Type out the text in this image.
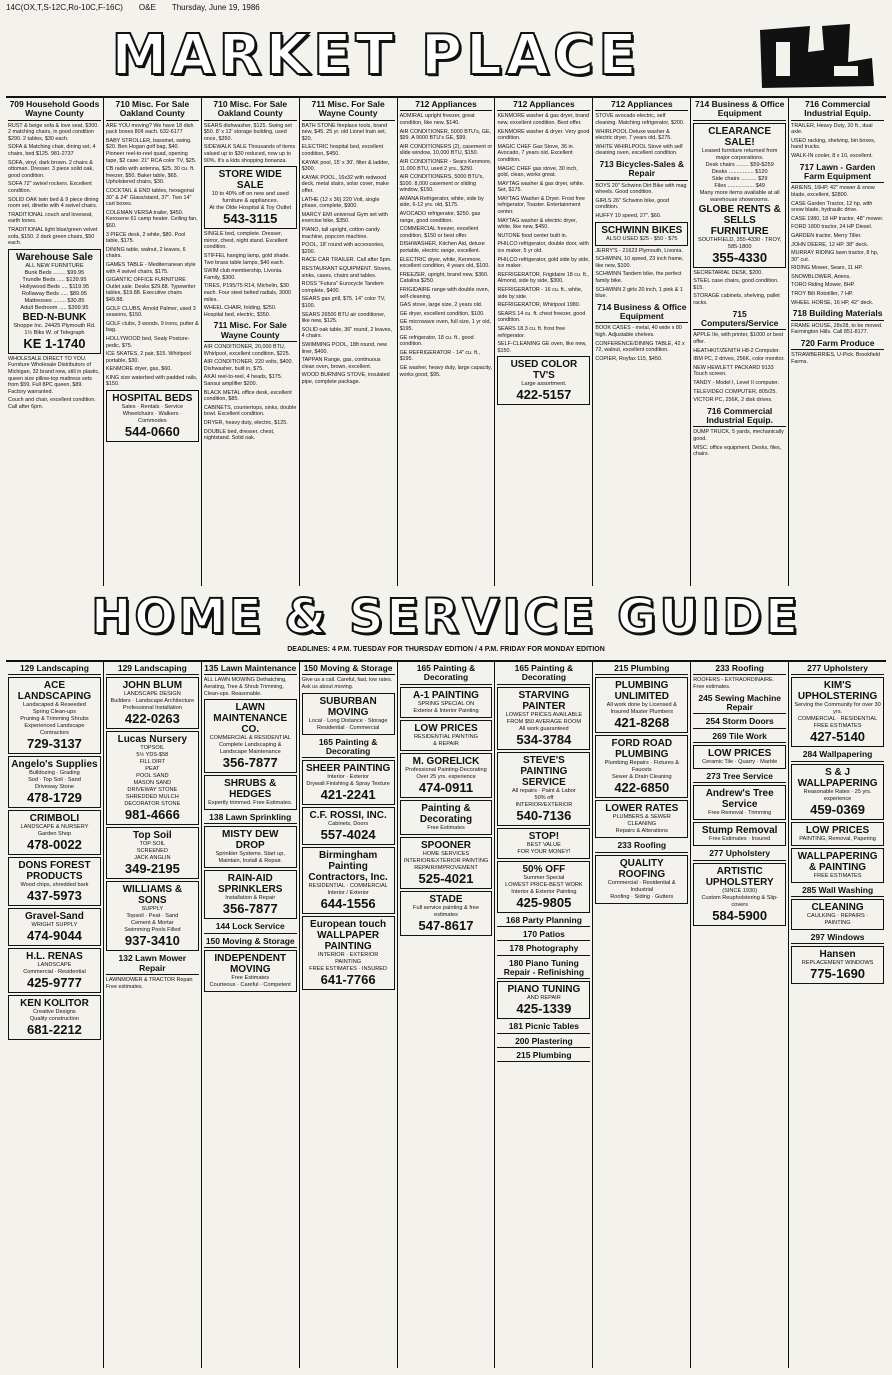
14C(OX,T,S-12C,Ro-10C,F-16C) O&E Thursday, June 19, 1986
MARKET PLACE
709 Household Goods Wayne County
RUST & beige sofa & love seat, $300. 2 matching chairs, in good condition $290. 2 tables, $30 each.
SOFA & Matching chair, dining set, 4 chairs, bed $125. 981-2737
SOFA, vinyl, dark brown. 2 chairs & ottoman. Dresser. 3 piece solid oak, good condition.
SOFA 72" swivel rockers. Excellent condition.
SOLID OAK twin bed & 9 piece dining room set, dinette with 4 swivel chairs.
TRADITIONAL couch and loveseat, earth tones.
TRADITIONAL light blue/green velvet sofa, $150. 2 dark green chairs, $50 each.
Warehouse Sale
ALL NEW FURNITURE
Bunk Beds ........ $99.95
Trundle Beds ..... $139.95
Hollywood Beds .... $119.95
Rollaway Beds ..... $89.95
Mattresses ........ $30.85
Adult Bedroom ..... $399.95
BED-N-BUNK
Shoppe Inc. 24425 Plymouth Rd. 1½ Blks W. of Telegraph
KE 1-1740
WHOLESALE DIRECT TO YOU. Furniture Wholesale Distributors of Michigan, 32 brand new, still in plastic, queen size pillow-top mattress sets from $59. Full 8PC queen, $89. Factory warranted.
Couch and chair, excellent condition. Call after 6pm.
710 Misc. For Sale Oakland County
ARE YOU moving? We have 18 dish pack boxes 80¢ each. 632-6177
BABY STROLLER, bassinet, swing. $20. Ben Hogan golf bag, $40. Pioneer reel-to-reel quad, opening tape, $2 case. 21" RCA color TV, $25.
CB radio with antenna, $25. 30 cu. ft. freezer, $50. Baker table, $65. Upholstered chairs, $30.
COCKTAIL & END tables, hexagonal 30" & 24" Glass/stand, 37". Two 14" cart boxes.
COLEMAN VERSA trailer, $450. Kerosene 61 camp heater. Ceiling fan, $60.
3 PIECE desk, 2 white, $80. Pool table, $175.
DINING table, walnut, 2 leaves, 6 chairs.
GAMES TABLE - Mediterranean style with 4 swivel chairs, $175.
GIGANTIC OFFICE FURNITURE Outlet sale. Desks $29.88. Typewriter tables, $19.88. Executive chairs $49.88.
GOLF CLUBS, Arnold Palmer, used 3 seasons, $150.
GOLF clubs, 3 woods, 9 irons, putter & bag.
HOLLYWOOD bed, Sealy Posture-pedic, $75.
ICE SKATES, 2 pair, $15. Whirlpool portable, $30.
KENMORE dryer, gas, $60.
KING size waterbed with padded rails, $150.
HOSPITAL BEDS
Sales · Rentals · Service
Wheelchairs · Walkers · Commodes
544-0660
710 Misc. For Sale Oakland County
SEARS dishwasher, $125. Swing set $50. 8' x 12' storage building, used once, $350.
SIDEWALK SALE Thousands of items valued up to $30 reduced, now up to 90%. It's a kids shopping bonanza.
STORE WIDE SALE
10 to 40% off on new and used furniture & appliances.
At the Olde Hospital & Toy Outlet
543-3115
SINGLE bed, complete. Dresser, mirror, chest, night stand. Excellent condition.
STIFFEL hanging lamp, gold shade. Two brass table lamps, $40 each.
SWIM club membership, Livonia. Family, $300.
TIRES, P195/75 R14, Michelin, $30 each. Four steel belted radials, 3000 miles.
WHEEL CHAIR, folding, $250. Hospital bed, electric, $350.
711 Misc. For Sale Wayne County
AIR CONDITIONER, 20,000 BTU, Whirlpool, excellent condition, $225.
AIR CONDITIONER, 220 volts, $400. Dishwasher, built in, $75.
AKAI reel-to-reel, 4 heads, $175. Sansui amplifier $200.
BLACK METAL office desk, excellent condition, $85.
CABINETS, countertops, sinks, double bowl. Excellent condition.
DRYER, heavy duty, electric, $125.
DOUBLE bed, dresser, chest, nightstand. Solid oak.
711 Misc. For Sale Wayne County
BATH STONE fireplace tools, brand new, $45. 25 yr. old Lionel train set, $20.
ELECTRIC hospital bed, excellent condition, $450.
KAYAK pool, 15' x 30', filter & ladder, $300.
KAYAK POOL, 16x32 with redwood deck, metal stairs, solar cover, make offer.
LATHE (12 x 36) 220 Volt, single phase, complete, $900.
MARCY EMI universal Gym set with exercise bike, $350.
PIANO, tall upright, cotton candy machine, popcorn machine.
POOL, 18' round with accessories, $200.
RACE CAR TRAILER. Call after 5pm.
RESTAURANT EQUIPMENT. Stoves, sinks, cases, chairs and tables.
ROSS "Futura" Eurocycle Tandem complete, $400.
SEARS gas grill, $75. 14" color TV, $100.
SEARS 26500 BTU air conditioner, like new, $125.
SOLID oak table, 36" round, 2 leaves, 4 chairs.
SWIMMING POOL, 18ft round, new liner, $400.
TAPPAN Range, gas, continuous clean oven, brown, excellent.
WOOD BURNING STOVE, insulated pipe, complete package.
712 Appliances
ADMIRAL upright freezer, great condition, like new, $140.
AIR CONDITIONER, 5000 BTU's, GE, $99. A 9000 BTU's GE, $99.
AIR CONDITIONERS (2), casement or slide window, 10,000 BTU, $150.
AIR CONDITIONER - Sears Kenmore, 11,000 BTU, used 2 yrs., $250.
AIR CONDITIONERS, 5000 BTU's, $100. 8,000 casement or sliding window, $150.
AMANA Refrigerator, white, side by side, 6-12 yrs. old, $175.
AVOCADO refrigerator, $250. gas range, good condition.
COMMERCIAL freezer, excellent condition, $150 or best offer.
DISHWASHER, Kitchen Aid, deluxe portable, electric range, excellent.
ELECTRIC dryer, white, Kenmore, excellent condition, 4 years old, $100.
FREEZER, upright, brand new, $360. Catalina $250.
FRIGIDAIRE range with double oven, self-cleaning.
GAS stove, large size, 2 years old.
GE dryer, excellent condition, $100.
GE microwave oven, full size, 1 yr old, $195.
GE refrigerator, 18 cu. ft., good condition.
GE REFRIGERATOR - 14" cu. ft., $195.
GE washer, heavy duty, large capacity, works good, $95.
712 Appliances
KENMORE washer & gas dryer, brand new, excellent condition. Best offer.
KENMORE washer & dryer. Very good condition.
MAGIC CHEF Gas Stove, 36 in. Avocado, 7 years old. Excellent condition.
MAGIC CHEF gas stove, 30 inch, gold, clean, works great.
MAYTAG washer & gas dryer, white. Set, $175.
MAYTAG Washer & Dryer. Frost free refrigerator, Toaster. Entertainment center.
MAYTAG washer & electric dryer, white, like new, $450.
NUTONE food center built in.
PHILCO refrigerator, double door, with ice maker, 5 yr old.
PHILCO refrigerator, gold side by side, ice maker.
REFRIGERATOR, Frigidaire 18 cu. ft., Almond, side by side, $300.
REFRIGERATOR - 16 cu. ft., white, side by side.
REFRIGERATOR, Whirlpool 1980.
SEARS 14 cu. ft. chest freezer, good condition.
SEARS 18.3 cu. ft. frost free refrigerator.
SELF-CLEANING GE oven, like new, $150.
USED COLOR TV'S
Large assortment.
422-5157
712 Appliances
STOVE avocado electric, self cleaning. Matching refrigerator, $200.
WHIRLPOOL Deluxe washer & electric dryer, 7 years old, $275.
WHITE WHIRLPOOL Stove with self cleaning oven, excellent condition.
713 Bicycles-Sales & Repair
BOYS 20" Schwinn Dirt Bike with mag wheels. Good condition.
GIRLS 26" Schwinn bike, good condition.
HUFFY 10 speed, 27". $60.
SCHWINN BIKES
ALSO USED $25 - $50 - $75
JERRY'S - 21623 Plymouth, Livonia.
SCHWINN, 10 speed, 23 inch frame, like new, $100.
SCHWINN Tandem bike, the perfect family bike.
SCHWINN 2 girls 20 inch, 1 pink & 1 blue.
714 Business & Office Equipment
BOOK CASES - metal, 40 wide x 80 high. Adjustable shelves.
CONFERENCE/DINING TABLE, 42 x 72, walnut, excellent condition.
COPIER, Royfax 115, $450.
714 Business & Office Equipment
CLEARANCE SALE!
Leased furniture returned from major corporations.
Desk chairs ........ $59-$259
Desks ................ $120
Side chairs .......... $29
Files ................. $49
Many more items available at all warehouse showrooms.
GLOBE RENTS & SELLS FURNITURE
SOUTHFIELD, 355-4330 · TROY, 585-1800
355-4330
SECRETARIAL DESK, $200.
STEEL case chairs, good condition. $15.
STORAGE cabinets, shelving, pallet racks.
715 Computers/Service
APPLE IIe, with printer, $1000 or best offer.
HEATHKIT/ZENITH H8-2 Computer.
IBM PC, 2 drives, 256K, color monitor.
NEW HEWLETT PACKARD 9133 Touch screen.
TANDY - Model I, Level II computer.
TELEVIDEO COMPUTER, 805/25.
VICTOR PC, 256K, 2 disk drives.
716 Commercial Industrial Equip.
DUMP TRUCK, 5 yards, mechanically good.
MISC. office equipment. Desks, files, chairs.
716 Commercial Industrial Equip.
TRAILER, Heavy Duty, 20 ft., dual axle.
USED racking, shelving, bin boxes, hand trucks.
WALK-IN cooler, 8 x 10, excellent.
717 Lawn - Garden Farm Equipment
ARIENS, 16HP, 42" mower & snow blade, excellent, $2800.
CASE Garden Tractor, 12 hp, with snow blade, hydraulic drive.
CASE 1980, 18 HP tractor, 48" mower.
FORD 1800 tractor, 24 HP Diesel.
GARDEN tractor, Merry Tiller.
JOHN DEERE, 12 HP. 38" deck.
MURRAY RIDING lawn tractor, 8 hp, 30" cut.
RIDING Mower, Sears, 11 HP.
SNOWBLOWER, Ariens.
TORO Riding Mower, 8HP.
TROY Bilt Rototiller, 7 HP.
WHEEL HORSE, 16 HP, 42" deck.
718 Building Materials
FRAME HOUSE, 28x28, to be moved. Farmington Hills. Call 851-8177.
720 Farm Produce
STRAWBERRIES, U-Pick. Brookfield Farms.
HOME & SERVICE GUIDE
DEADLINES: 4 P.M. TUESDAY FOR THURSDAY EDITION / 4 P.M. FRIDAY FOR MONDAY EDITION
129 Landscaping
ACE LANDSCAPING
Landscaped & Reseeded
Spring Clean-ups
Pruning & Trimming Shrubs
Experienced Landscape Contractors
729-3137
Angelo's Supplies
Bulldozing · Grading
Sod · Top Soil · Sand
Driveway Stone
478-1729
CRIMBOLI
LANDSCAPE & NURSERY
Garden Shop
478-0022
DONS FOREST PRODUCTS
Wood chips, shredded bark
437-5973
Gravel-Sand
WRIGHT SUPPLY
474-9044
H.L. RENAS
LANDSCAPE
Commercial · Residential
425-9777
KEN KOLITOR
Creative Designs
Quality construction
681-2212
129 Landscaping
JOHN BLUM
LANDSCAPE DESIGN
Builders · Landscape Architecture
Professional Installation
422-0263
Lucas Nursery
TOPSOIL
5½ YDS-$58
FILL DIRT
PEAT
POOL SAND
MASON SAND
DRIVEWAY STONE
SHREDDED MULCH
DECORATOR STONE
981-4666
Top Soil
TOP SOIL
SCREENED
JACK ANGLIN
349-2195
WILLIAMS & SONS
SUPPLY
Topsoil · Peat · Sand
Cement & Mortar
Swimming Pools Filled
937-3410
132 Lawn Mower Repair
LAWNMOWER & TRACTOR Repair. Free estimates.
135 Lawn Maintenance
ALL LAWN MOWING Dethatching, Aerating, Tree & Shrub Trimming, Clean-ups. Reasonable.
LAWN MAINTENANCE CO.
COMMERCIAL & RESIDENTIAL
Complete Landscaping & Landscape Maintenance
356-7877
SHRUBS & HEDGES
Expertly trimmed. Free Estimates.
138 Lawn Sprinkling
MISTY DEW DROP
Sprinkler Systems. Start up, Maintain, Install & Repair.
RAIN-AID SPRINKLERS
Installation & Repair
356-7877
144 Lock Service
150 Moving & Storage
INDEPENDENT MOVING
Free Estimates
Courteous · Careful · Competent
150 Moving & Storage
Give us a call. Careful, fast, low rates. Ask us about moving.
SUBURBAN MOVING
Local · Long Distance · Storage
Residential · Commercial
165 Painting & Decorating
SHEER PAINTING
Interior · Exterior
Drywall Finishing & Spray Texture
421-2241
C.F. ROSSI, INC.
Cabinets, Doors
557-4024
Birmingham Painting Contractors, Inc.
RESIDENTIAL · COMMERCIAL
Interior / Exterior
644-1556
European touch WALLPAPER PAINTING
INTERIOR · EXTERIOR PAINTING
FREE ESTIMATES · INSURED
641-7766
165 Painting & Decorating
A-1 PAINTING
SPRING SPECIAL ON
Exterior & Interior Painting
LOW PRICES
RESIDENTIAL PAINTING
& REPAIR
M. GORELICK
Professional Painting-Decorating
Over 25 yrs. experience
474-0911
Painting & Decorating
Free Estimates
SPOONER
HOME SERVICES
INTERIOR/EXTERIOR PAINTING
REPAIR/IMPROVEMENT
525-4021
STADE
Full service painting & free estimates
547-8617
165 Painting & Decorating
STARVING PAINTER
LOWEST PRICES AVAILABLE
FROM $50 AVERAGE ROOM
All work guaranteed
534-3784
STEVE'S PAINTING SERVICE
All repairs · Paint & Labor
50% off
INTERIOR/EXTERIOR
540-7136
STOP!
BEST VALUE
FOR YOUR MONEY!
50% OFF
Summer Special
LOWEST PRICE-BEST WORK
Interior & Exterior Painting
425-9805
168 Party Planning
170 Patios
178 Photography
180 Piano Tuning Repair - Refinishing
PIANO TUNING
AND REPAIR
425-1339
181 Picnic Tables
200 Plastering
215 Plumbing
215 Plumbing
PLUMBING UNLIMITED
All work done by Licensed & Insured Master Plumbers
421-8268
FORD ROAD PLUMBING
Plumbing Repairs · Fixtures & Faucets
Sewer & Drain Cleaning
422-6850
LOWER RATES
PLUMBERS & SEWER CLEANING
Repairs & Alterations
233 Roofing
QUALITY ROOFING
Commercial · Residential & Industrial
Roofing · Siding · Gutters
233 Roofing
ROOFERS - EXTRAORDINAIRE. Free estimates.
245 Sewing Machine Repair
254 Storm Doors
269 Tile Work
LOW PRICES
Ceramic Tile · Quarry · Marble
273 Tree Service
Andrew's Tree Service
Free Removal · Trimming
Stump Removal
Free Estimates · Insured
277 Upholstery
ARTISTIC UPHOLSTERY
(SINCE 1930)
Custom Reupholstering & Slip-covers
584-5900
277 Upholstery
KIM'S UPHOLSTERING
Serving the Community for over 30 yrs.
COMMERCIAL · RESIDENTIAL
FREE ESTIMATES
427-5140
284 Wallpapering
S & J WALLPAPERING
Reasonable Rates · 25 yrs. experience
459-0369
LOW PRICES
PAINTING, Removal, Papering
WALLPAPERING & PAINTING
FREE ESTIMATES
285 Wall Washing
CLEANING
CAULKING · REPAIRS · PAINTING
297 Windows
Hansen
REPLACEMENT WINDOWS
775-1690
